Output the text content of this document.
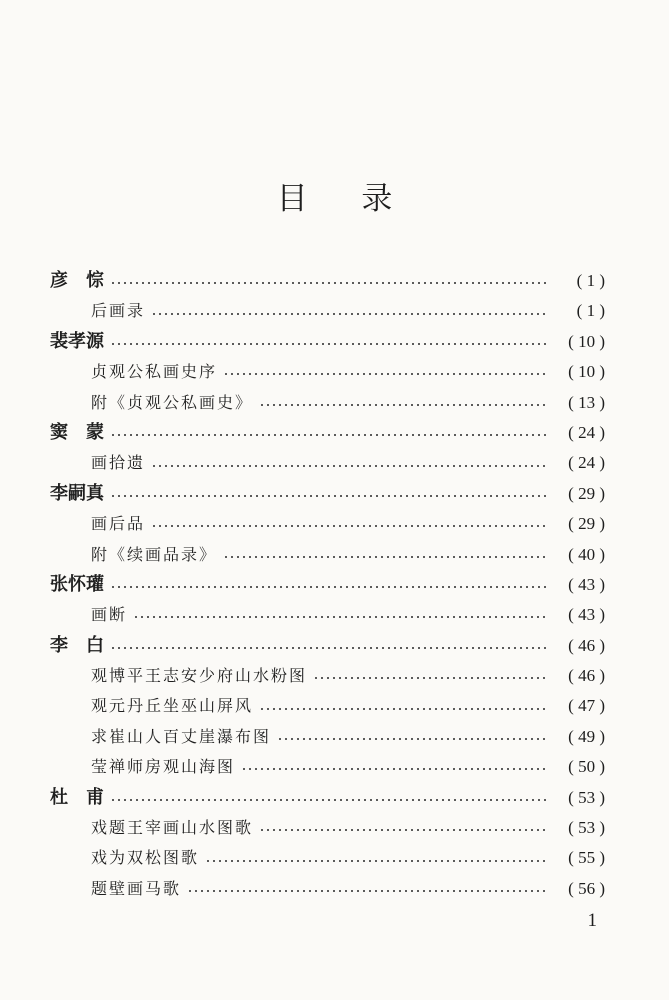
目 录
彦　悰	( 1 )
后画录	( 1 )
裴孝源	( 10 )
贞观公私画史序	( 10 )
附《贞观公私画史》	( 13 )
窦　蒙	( 24 )
画拾遗	( 24 )
李嗣真	( 29 )
画后品	( 29 )
附《续画品录》	( 40 )
张怀瓘	( 43 )
画断	( 43 )
李　白	( 46 )
观博平王志安少府山水粉图	( 46 )
观元丹丘坐巫山屏风	( 47 )
求崔山人百丈崖瀑布图	( 49 )
莹禅师房观山海图	( 50 )
杜　甫	( 53 )
戏题王宰画山水图歌	( 53 )
戏为双松图歌	( 55 )
题壁画马歌	( 56 )
1
